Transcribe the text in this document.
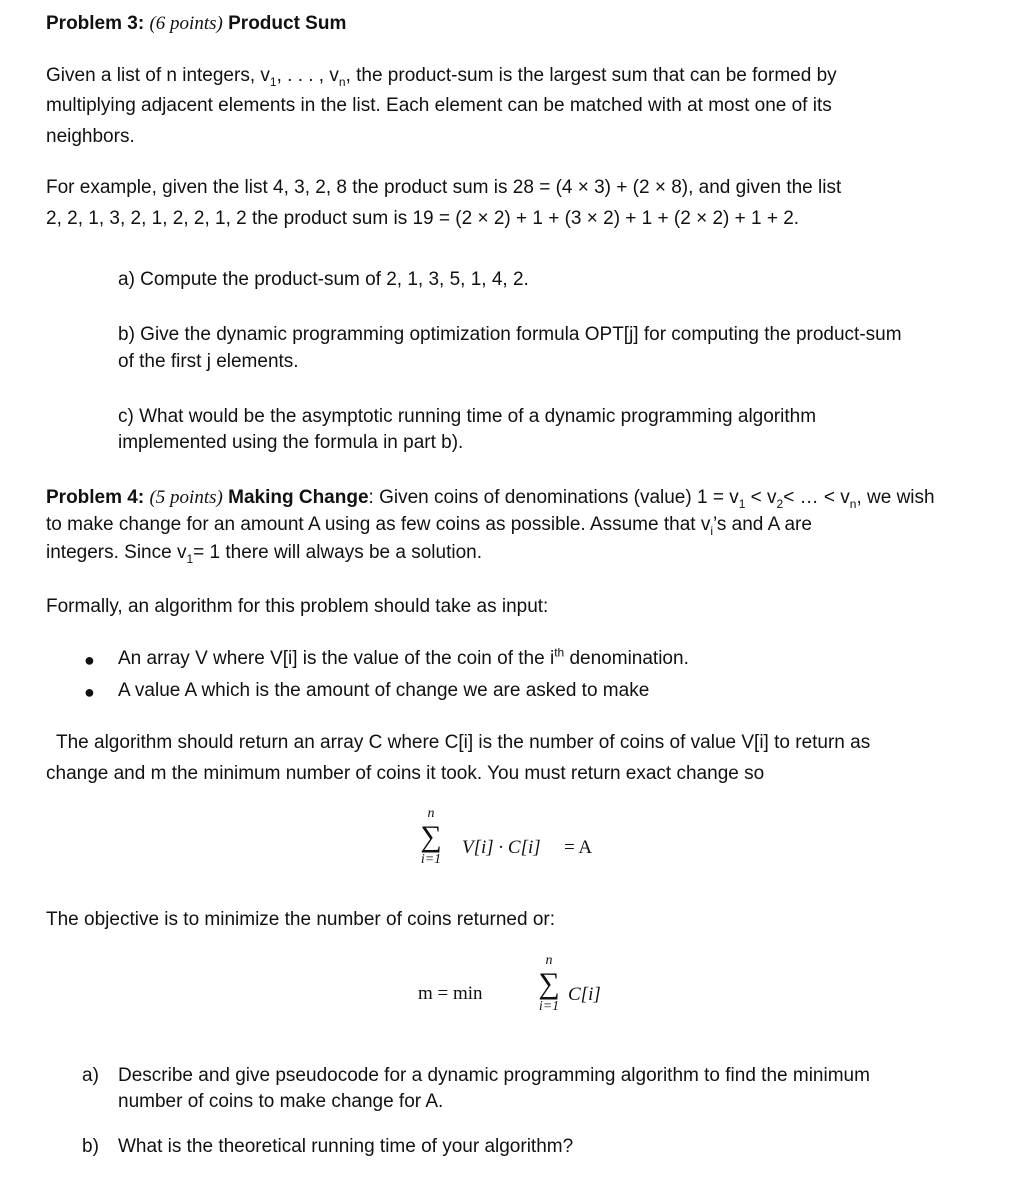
Problem 3: (6 points) Product Sum
Given a list of n integers, $v_1$, . . . , $v_n$, the product-sum is the largest sum that can be formed by
multiplying adjacent elements in the list. Each element can be matched with at most one of its
neighbors.
For example, given the list 4, 3, 2, 8 the product sum is 28 = (4 × 3) + (2 × 8), and given the list
2, 2, 1, 3, 2, 1, 2, 2, 1, 2 the product sum is 19 = (2 × 2) + 1 + (3 × 2) + 1 + (2 × 2) + 1 + 2.
a) Compute the product-sum of 2, 1, 3, 5, 1, 4, 2.
b) Give the dynamic programming optimization formula OPT[j] for computing the product-sum
of the first j elements.
c) What would be the asymptotic running time of a dynamic programming algorithm
implemented using the formula in part b).
Problem 4: (5 points) Making Change: Given coins of denominations (value) $1 = v_1 < v_2<$ … < $v_n$, we wish
to make change for an amount A using as few coins as possible. Assume that $v_i’s$ and A are
integers. Since $v_1= 1$ there will always be a solution.
Formally, an algorithm for this problem should take as input:
● An array V where V[i] is the value of the coin of the $i^{th}$ denomination.
● A value A which is the amount of change we are asked to make
The algorithm should return an array C where C[i] is the number of coins of value V[i] to return as
change and m the minimum number of coins it took. You must return exact change so
n
∑
i=1
V[i] · C[i] = A
The objective is to minimize the number of coins returned or:
m = min
n
∑
i=1
C[i]
a) Describe and give pseudocode for a dynamic programming algorithm to find the minimum
number of coins to make change for A.
b) What is the theoretical running time of your algorithm?
